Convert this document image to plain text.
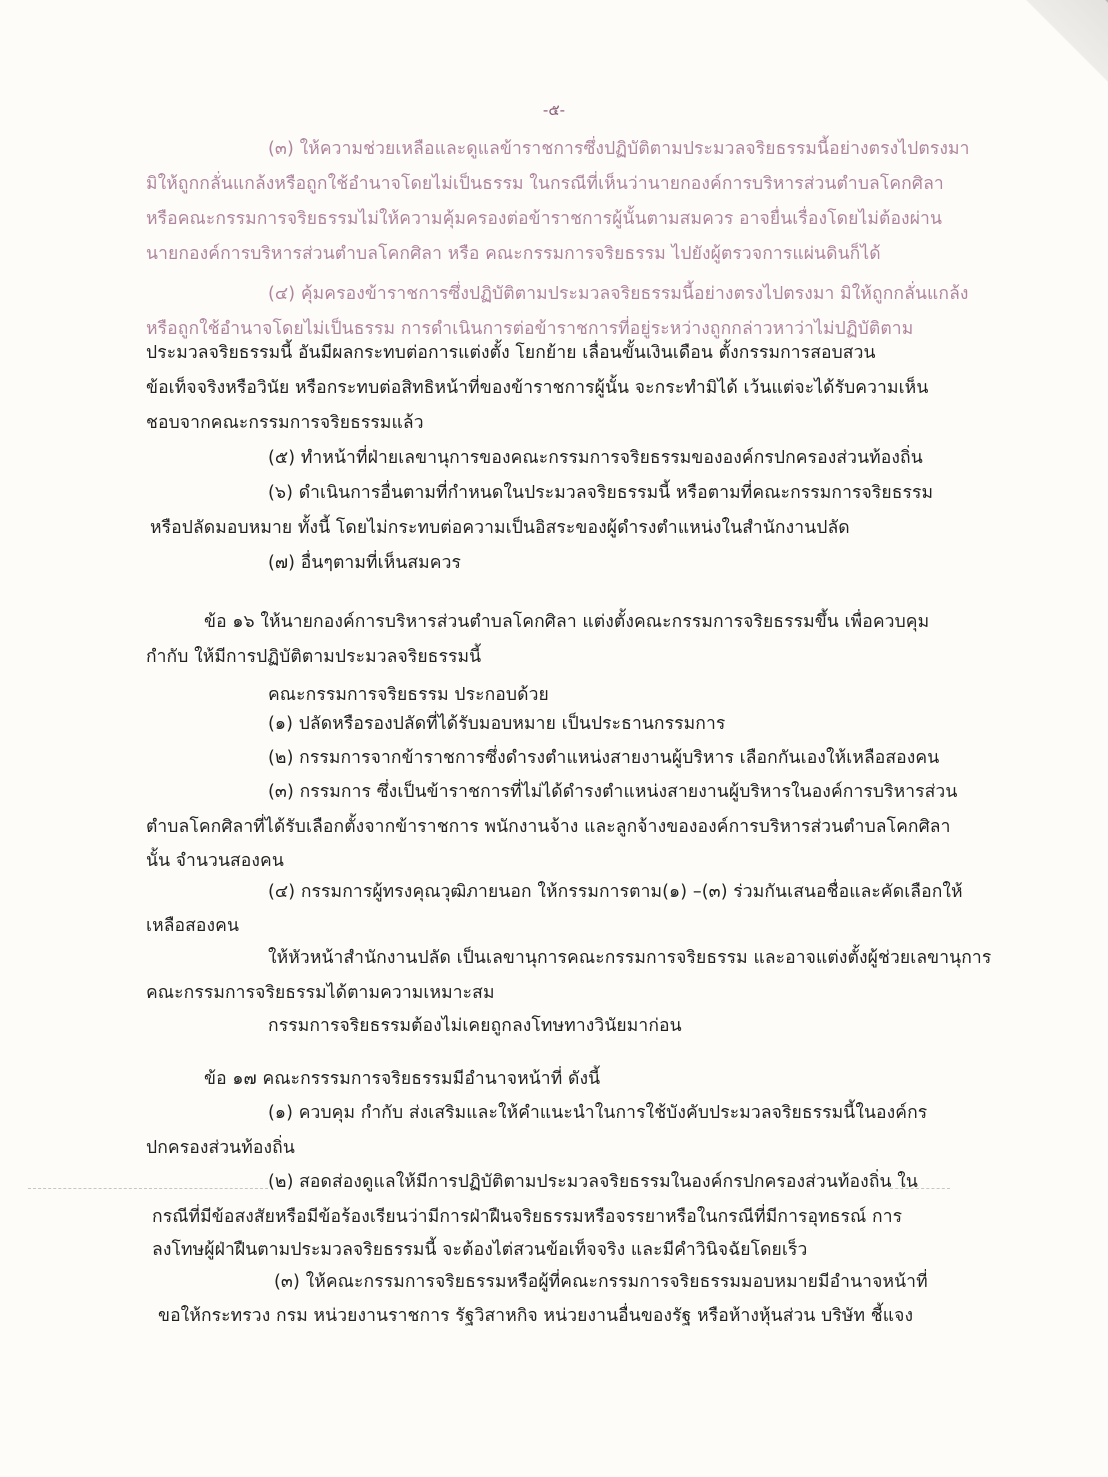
-๕-
(๓) ให้ความช่วยเหลือและดูแลข้าราชการซึ่งปฏิบัติตามประมวลจริยธรรมนี้อย่างตรงไปตรงมา
มิให้ถูกกลั่นแกล้งหรือถูกใช้อำนาจโดยไม่เป็นธรรม ในกรณีที่เห็นว่านายกองค์การบริหารส่วนตำบลโคกศิลา
หรือคณะกรรมการจริยธรรมไม่ให้ความคุ้มครองต่อข้าราชการผู้นั้นตามสมควร อาจยื่นเรื่องโดยไม่ต้องผ่าน
นายกองค์การบริหารส่วนตำบลโคกศิลา หรือ คณะกรรมการจริยธรรม ไปยังผู้ตรวจการแผ่นดินก็ได้
(๔) คุ้มครองข้าราชการซึ่งปฏิบัติตามประมวลจริยธรรมนี้อย่างตรงไปตรงมา มิให้ถูกกลั่นแกล้ง
หรือถูกใช้อำนาจโดยไม่เป็นธรรม การดำเนินการต่อข้าราชการที่อยู่ระหว่างถูกกล่าวหาว่าไม่ปฏิบัติตาม
ประมวลจริยธรรมนี้ อันมีผลกระทบต่อการแต่งตั้ง โยกย้าย เลื่อนขั้นเงินเดือน ตั้งกรรมการสอบสวน
ข้อเท็จจริงหรือวินัย หรือกระทบต่อสิทธิหน้าที่ของข้าราชการผู้นั้น จะกระทำมิได้ เว้นแต่จะได้รับความเห็น
ชอบจากคณะกรรมการจริยธรรมแล้ว
(๕) ทำหน้าที่ฝ่ายเลขานุการของคณะกรรมการจริยธรรมขององค์กรปกครองส่วนท้องถิ่น
(๖) ดำเนินการอื่นตามที่กำหนดในประมวลจริยธรรมนี้ หรือตามที่คณะกรรมการจริยธรรม
หรือปลัดมอบหมาย ทั้งนี้ โดยไม่กระทบต่อความเป็นอิสระของผู้ดำรงตำแหน่งในสำนักงานปลัด
(๗) อื่นๆตามที่เห็นสมควร
ข้อ ๑๖ ให้นายกองค์การบริหารส่วนตำบลโคกศิลา แต่งตั้งคณะกรรมการจริยธรรมขึ้น เพื่อควบคุม
กำกับ ให้มีการปฏิบัติตามประมวลจริยธรรมนี้
คณะกรรมการจริยธรรม ประกอบด้วย
(๑) ปลัดหรือรองปลัดที่ได้รับมอบหมาย เป็นประธานกรรมการ
(๒) กรรมการจากข้าราชการซึ่งดำรงตำแหน่งสายงานผู้บริหาร เลือกกันเองให้เหลือสองคน
(๓) กรรมการ ซึ่งเป็นข้าราชการที่ไม่ได้ดำรงตำแหน่งสายงานผู้บริหารในองค์การบริหารส่วน
ตำบลโคกศิลาที่ได้รับเลือกตั้งจากข้าราชการ พนักงานจ้าง และลูกจ้างขององค์การบริหารส่วนตำบลโคกศิลา
นั้น จำนวนสองคน
(๔) กรรมการผู้ทรงคุณวุฒิภายนอก ให้กรรมการตาม(๑) –(๓) ร่วมกันเสนอชื่อและคัดเลือกให้
เหลือสองคน
ให้หัวหน้าสำนักงานปลัด เป็นเลขานุการคณะกรรมการจริยธรรม และอาจแต่งตั้งผู้ช่วยเลขานุการ
คณะกรรมการจริยธรรมได้ตามความเหมาะสม
กรรมการจริยธรรมต้องไม่เคยถูกลงโทษทางวินัยมาก่อน
ข้อ ๑๗ คณะกรรรมการจริยธรรมมีอำนาจหน้าที่ ดังนี้
(๑) ควบคุม กำกับ ส่งเสริมและให้คำแนะนำในการใช้บังคับประมวลจริยธรรมนี้ในองค์กร
ปกครองส่วนท้องถิ่น
(๒) สอดส่องดูแลให้มีการปฏิบัติตามประมวลจริยธรรมในองค์กรปกครองส่วนท้องถิ่น ใน
กรณีที่มีข้อสงสัยหรือมีข้อร้องเรียนว่ามีการฝ่าฝืนจริยธรรมหรือจรรยาหรือในกรณีที่มีการอุทธรณ์ การ
ลงโทษผู้ฝ่าฝืนตามประมวลจริยธรรมนี้ จะต้องไต่สวนข้อเท็จจริง และมีคำวินิจฉัยโดยเร็ว
(๓) ให้คณะกรรมการจริยธรรมหรือผู้ที่คณะกรรมการจริยธรรมมอบหมายมีอำนาจหน้าที่
ขอให้กระทรวง กรม หน่วยงานราชการ รัฐวิสาหกิจ หน่วยงานอื่นของรัฐ หรือห้างหุ้นส่วน บริษัท ชี้แจง
